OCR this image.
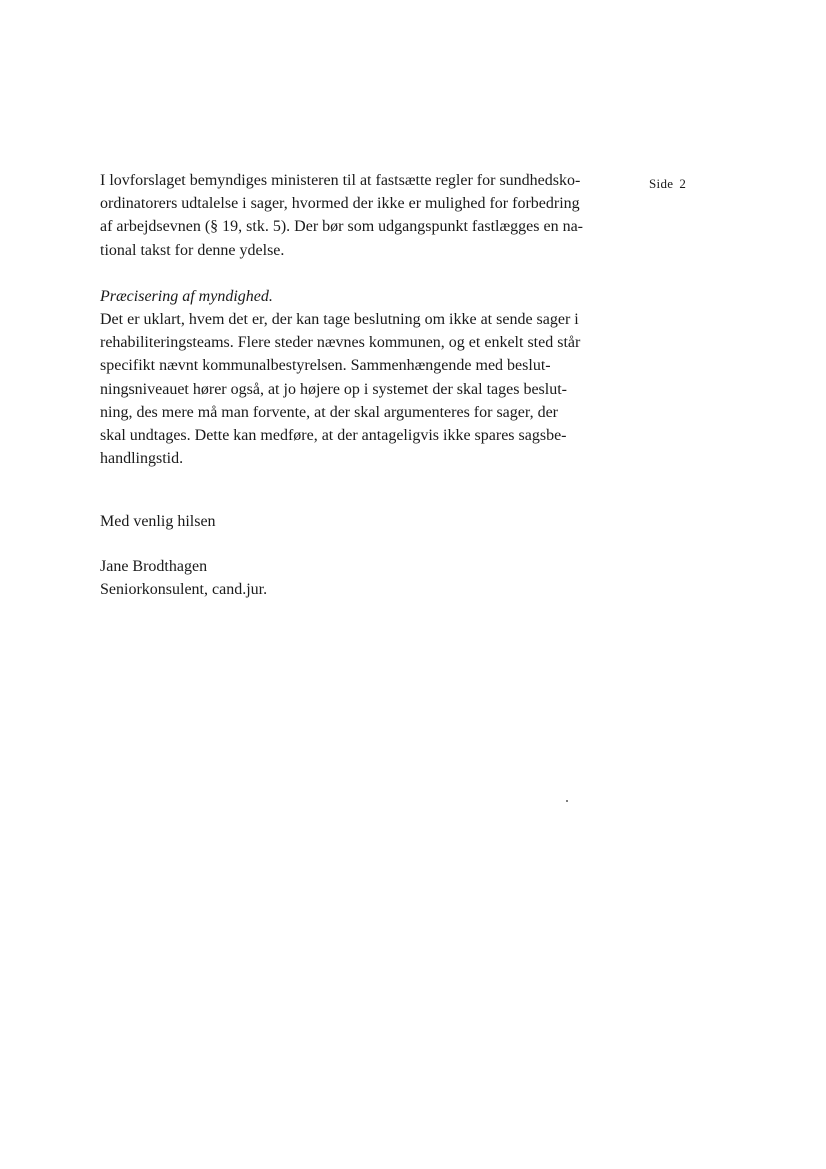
Side 2
I lovforslaget bemyndiges ministeren til at fastsætte regler for sundhedsko-
ordinatorers udtalelse i sager, hvormed der ikke er mulighed for forbedring
af arbejdsevnen (§ 19, stk. 5). Der bør som udgangspunkt fastlægges en na-
tional takst for denne ydelse.
Præcisering af myndighed.
Det er uklart, hvem det er, der kan tage beslutning om ikke at sende sager i
rehabiliteringsteams. Flere steder nævnes kommunen, og et enkelt sted står
specifikt nævnt kommunalbestyrelsen. Sammenhængende med beslut-
ningsniveauet hører også, at jo højere op i systemet der skal tages beslut-
ning, des mere må man forvente, at der skal argumenteres for sager, der
skal undtages. Dette kan medføre, at der antageligvis ikke spares sagsbe-
handlingstid.
Med venlig hilsen
Jane Brodthagen
Seniorkonsulent, cand.jur.
